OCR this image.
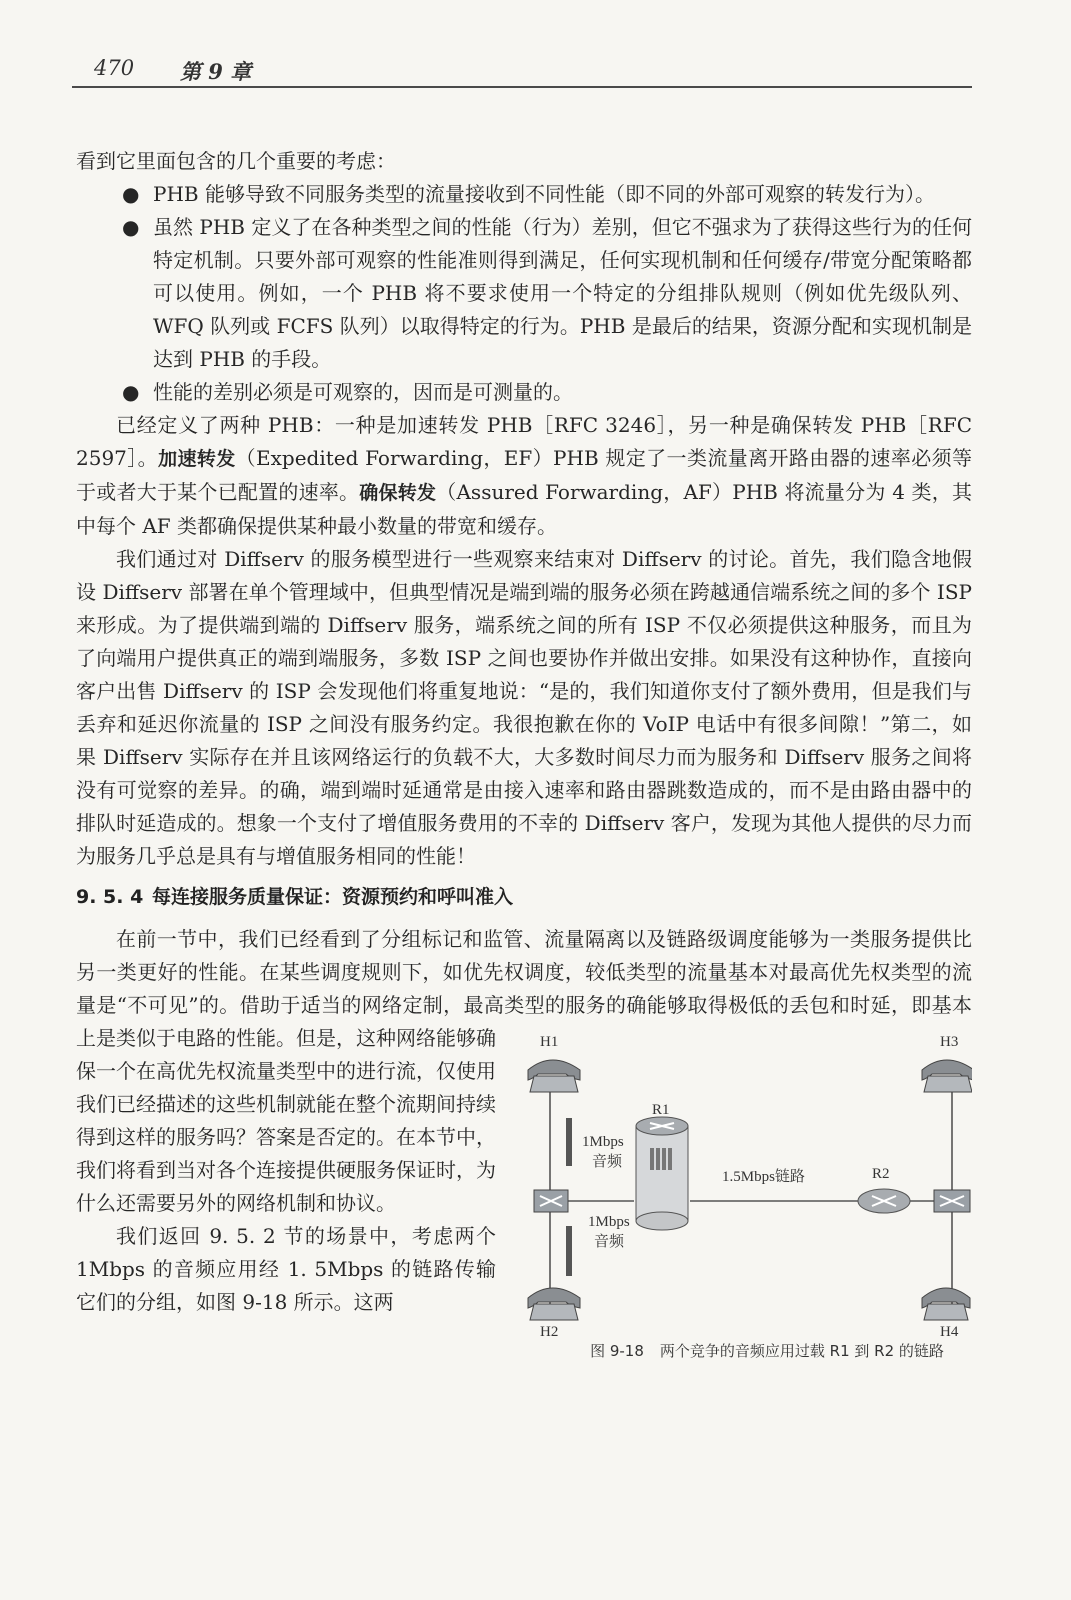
470 第 9 章

看到它里面包含的几个重要的考虑：

● PHB 能够导致不同服务类型的流量接收到不同性能（即不同的外部可观察的转发行为）。
● 虽然 PHB 定义了在各种类型之间的性能（行为）差别，但它不强求为了获得这些行为的任何特定机制。只要外部可观察的性能准则得到满足，任何实现机制和任何缓存/带宽分配策略都可以使用。例如，一个 PHB 将不要求使用一个特定的分组排队规则（例如优先级队列、WFQ 队列或 FCFS 队列）以取得特定的行为。PHB 是最后的结果，资源分配和实现机制是达到 PHB 的手段。
● 性能的差别必须是可观察的，因而是可测量的。

已经定义了两种 PHB：一种是加速转发 PHB［RFC 3246］，另一种是确保转发 PHB［RFC 2597］。加速转发（Expedited Forwarding，EF）PHB 规定了一类流量离开路由器的速率必须等于或者大于某个已配置的速率。确保转发（Assured Forwarding，AF）PHB 将流量分为 4 类，其中每个 AF 类都确保提供某种最小数量的带宽和缓存。

我们通过对 Diffserv 的服务模型进行一些观察来结束对 Diffserv 的讨论。首先，我们隐含地假设 Diffserv 部署在单个管理域中，但典型情况是端到端的服务必须在跨越通信端系统之间的多个 ISP 来形成。为了提供端到端的 Diffserv 服务，端系统之间的所有 ISP 不仅必须提供这种服务，而且为了向端用户提供真正的端到端服务，多数 ISP 之间也要协作并做出安排。如果没有这种协作，直接向客户出售 Diffserv 的 ISP 会发现他们将重复地说：“是的，我们知道你支付了额外费用，但是我们与丢弃和延迟你流量的 ISP 之间没有服务约定。我很抱歉在你的 VoIP 电话中有很多间隙！”第二，如果 Diffserv 实际存在并且该网络运行的负载不大，大多数时间尽力而为服务和 Diffserv 服务之间将没有可觉察的差异。的确，端到端时延通常是由接入速率和路由器跳数造成的，而不是由路由器中的排队时延造成的。想象一个支付了增值服务费用的不幸的 Diffserv 客户，发现为其他人提供的尽力而为服务几乎总是具有与增值服务相同的性能！

9. 5. 4 每连接服务质量保证：资源预约和呼叫准入

在前一节中，我们已经看到了分组标记和监管、流量隔离以及链路级调度能够为一类服务提供比另一类更好的性能。在某些调度规则下，如优先权调度，较低类型的流量基本对最高优先权类型的流量是“不可见”的。借助于适当的网络定制，最高类型的服务的确
H1
H2
H3
H4
R1
R2
1Mbps
音频
1Mbps
音频
1.5Mbps链路
图 9-18 两个竞争的音频应用过载 R1 到 R2 的链路
能够取得极低的丢包和时延，即基本上是类似于电路的性能。但是，这种网络能够确保一个在高优先权流量类型中的进行流，仅使用我们已经描述的这些机制就能在整个流期间持续得到这样的服务吗？答案是否定的。在本节中，我们将看到当对各个连接提供硬服务保证时，为什么还需要另外的网络机制和协议。

我们返回 9. 5. 2 节的场景中，考虑两个 1Mbps 的音频应用经 1. 5Mbps 的链路传输它们的分组，如图 9-18 所示。这两
